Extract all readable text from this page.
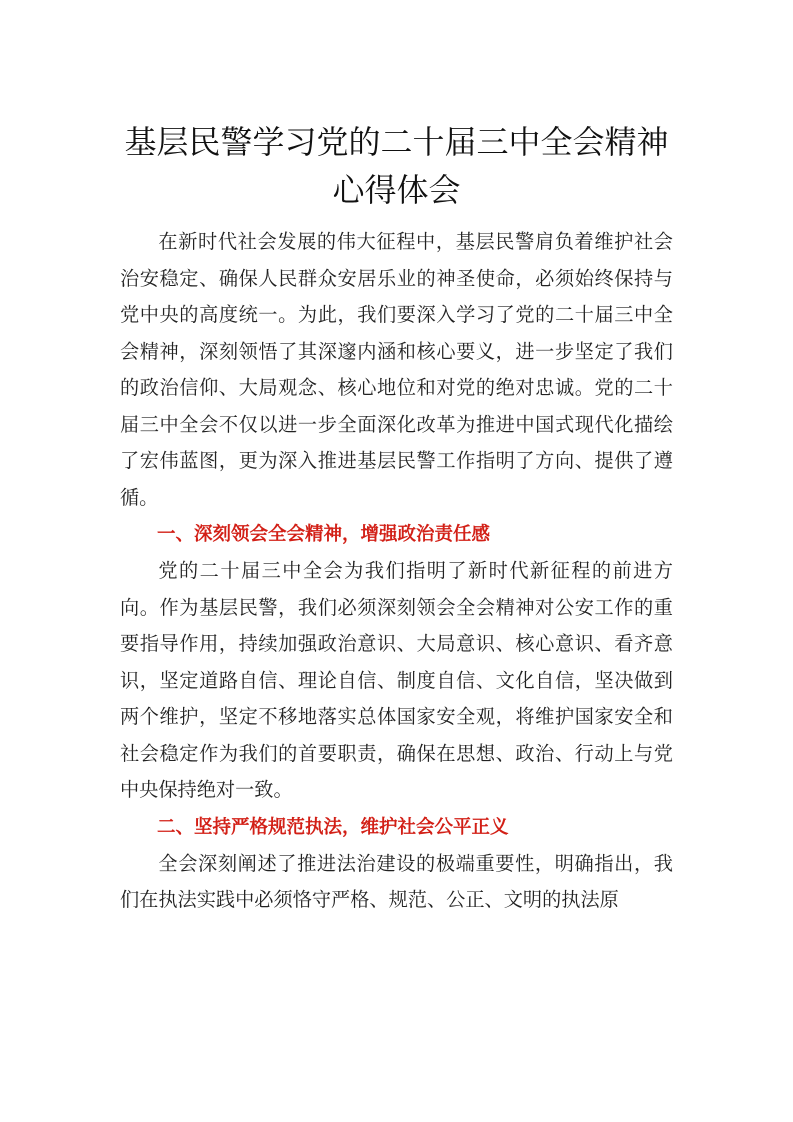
基层民警学习党的二十届三中全会精神心得体会

在新时代社会发展的伟大征程中，基层民警肩负着维护社会治安稳定、确保人民群众安居乐业的神圣使命，必须始终保持与党中央的高度统一。为此，我们要深入学习了党的二十届三中全会精神，深刻领悟了其深邃内涵和核心要义，进一步坚定了我们的政治信仰、大局观念、核心地位和对党的绝对忠诚。党的二十届三中全会不仅以进一步全面深化改革为推进中国式现代化描绘了宏伟蓝图，更为深入推进基层民警工作指明了方向、提供了遵循。

一、深刻领会全会精神，增强政治责任感

党的二十届三中全会为我们指明了新时代新征程的前进方向。作为基层民警，我们必须深刻领会全会精神对公安工作的重要指导作用，持续加强政治意识、大局意识、核心意识、看齐意识，坚定道路自信、理论自信、制度自信、文化自信，坚决做到两个维护，坚定不移地落实总体国家安全观，将维护国家安全和社会稳定作为我们的首要职责，确保在思想、政治、行动上与党中央保持绝对一致。

二、坚持严格规范执法，维护社会公平正义

全会深刻阐述了推进法治建设的极端重要性，明确指出，我们在执法实践中必须恪守严格、规范、公正、文明的执法原
